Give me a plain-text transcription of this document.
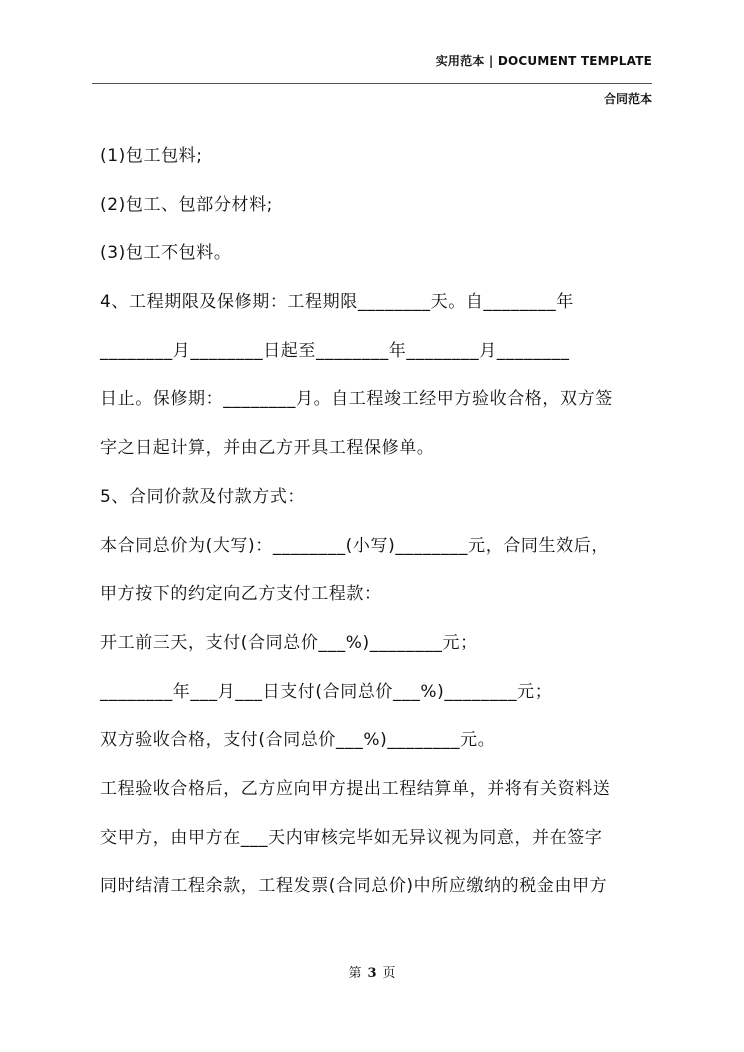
实用范本 | DOCUMENT TEMPLATE
合同范本
(1)包工包料;
(2)包工、包部分材料;
(3)包工不包料。
4、工程期限及保修期：工程期限________天。自________年
________月________日起至________年________月________
日止。保修期：________月。自工程竣工经甲方验收合格，双方签
字之日起计算，并由乙方开具工程保修单。
5、合同价款及付款方式：
本合同总价为(大写)：________(小写)________元，合同生效后，
甲方按下的约定向乙方支付工程款：
开工前三天，支付(合同总价___%)________元；
________年___月___日支付(合同总价___%)________元；
双方验收合格，支付(合同总价___%)________元。
工程验收合格后，乙方应向甲方提出工程结算单，并将有关资料送
交甲方，由甲方在___天内审核完毕如无异议视为同意，并在签字
同时结清工程余款，工程发票(合同总价)中所应缴纳的税金由甲方
第 3 页
